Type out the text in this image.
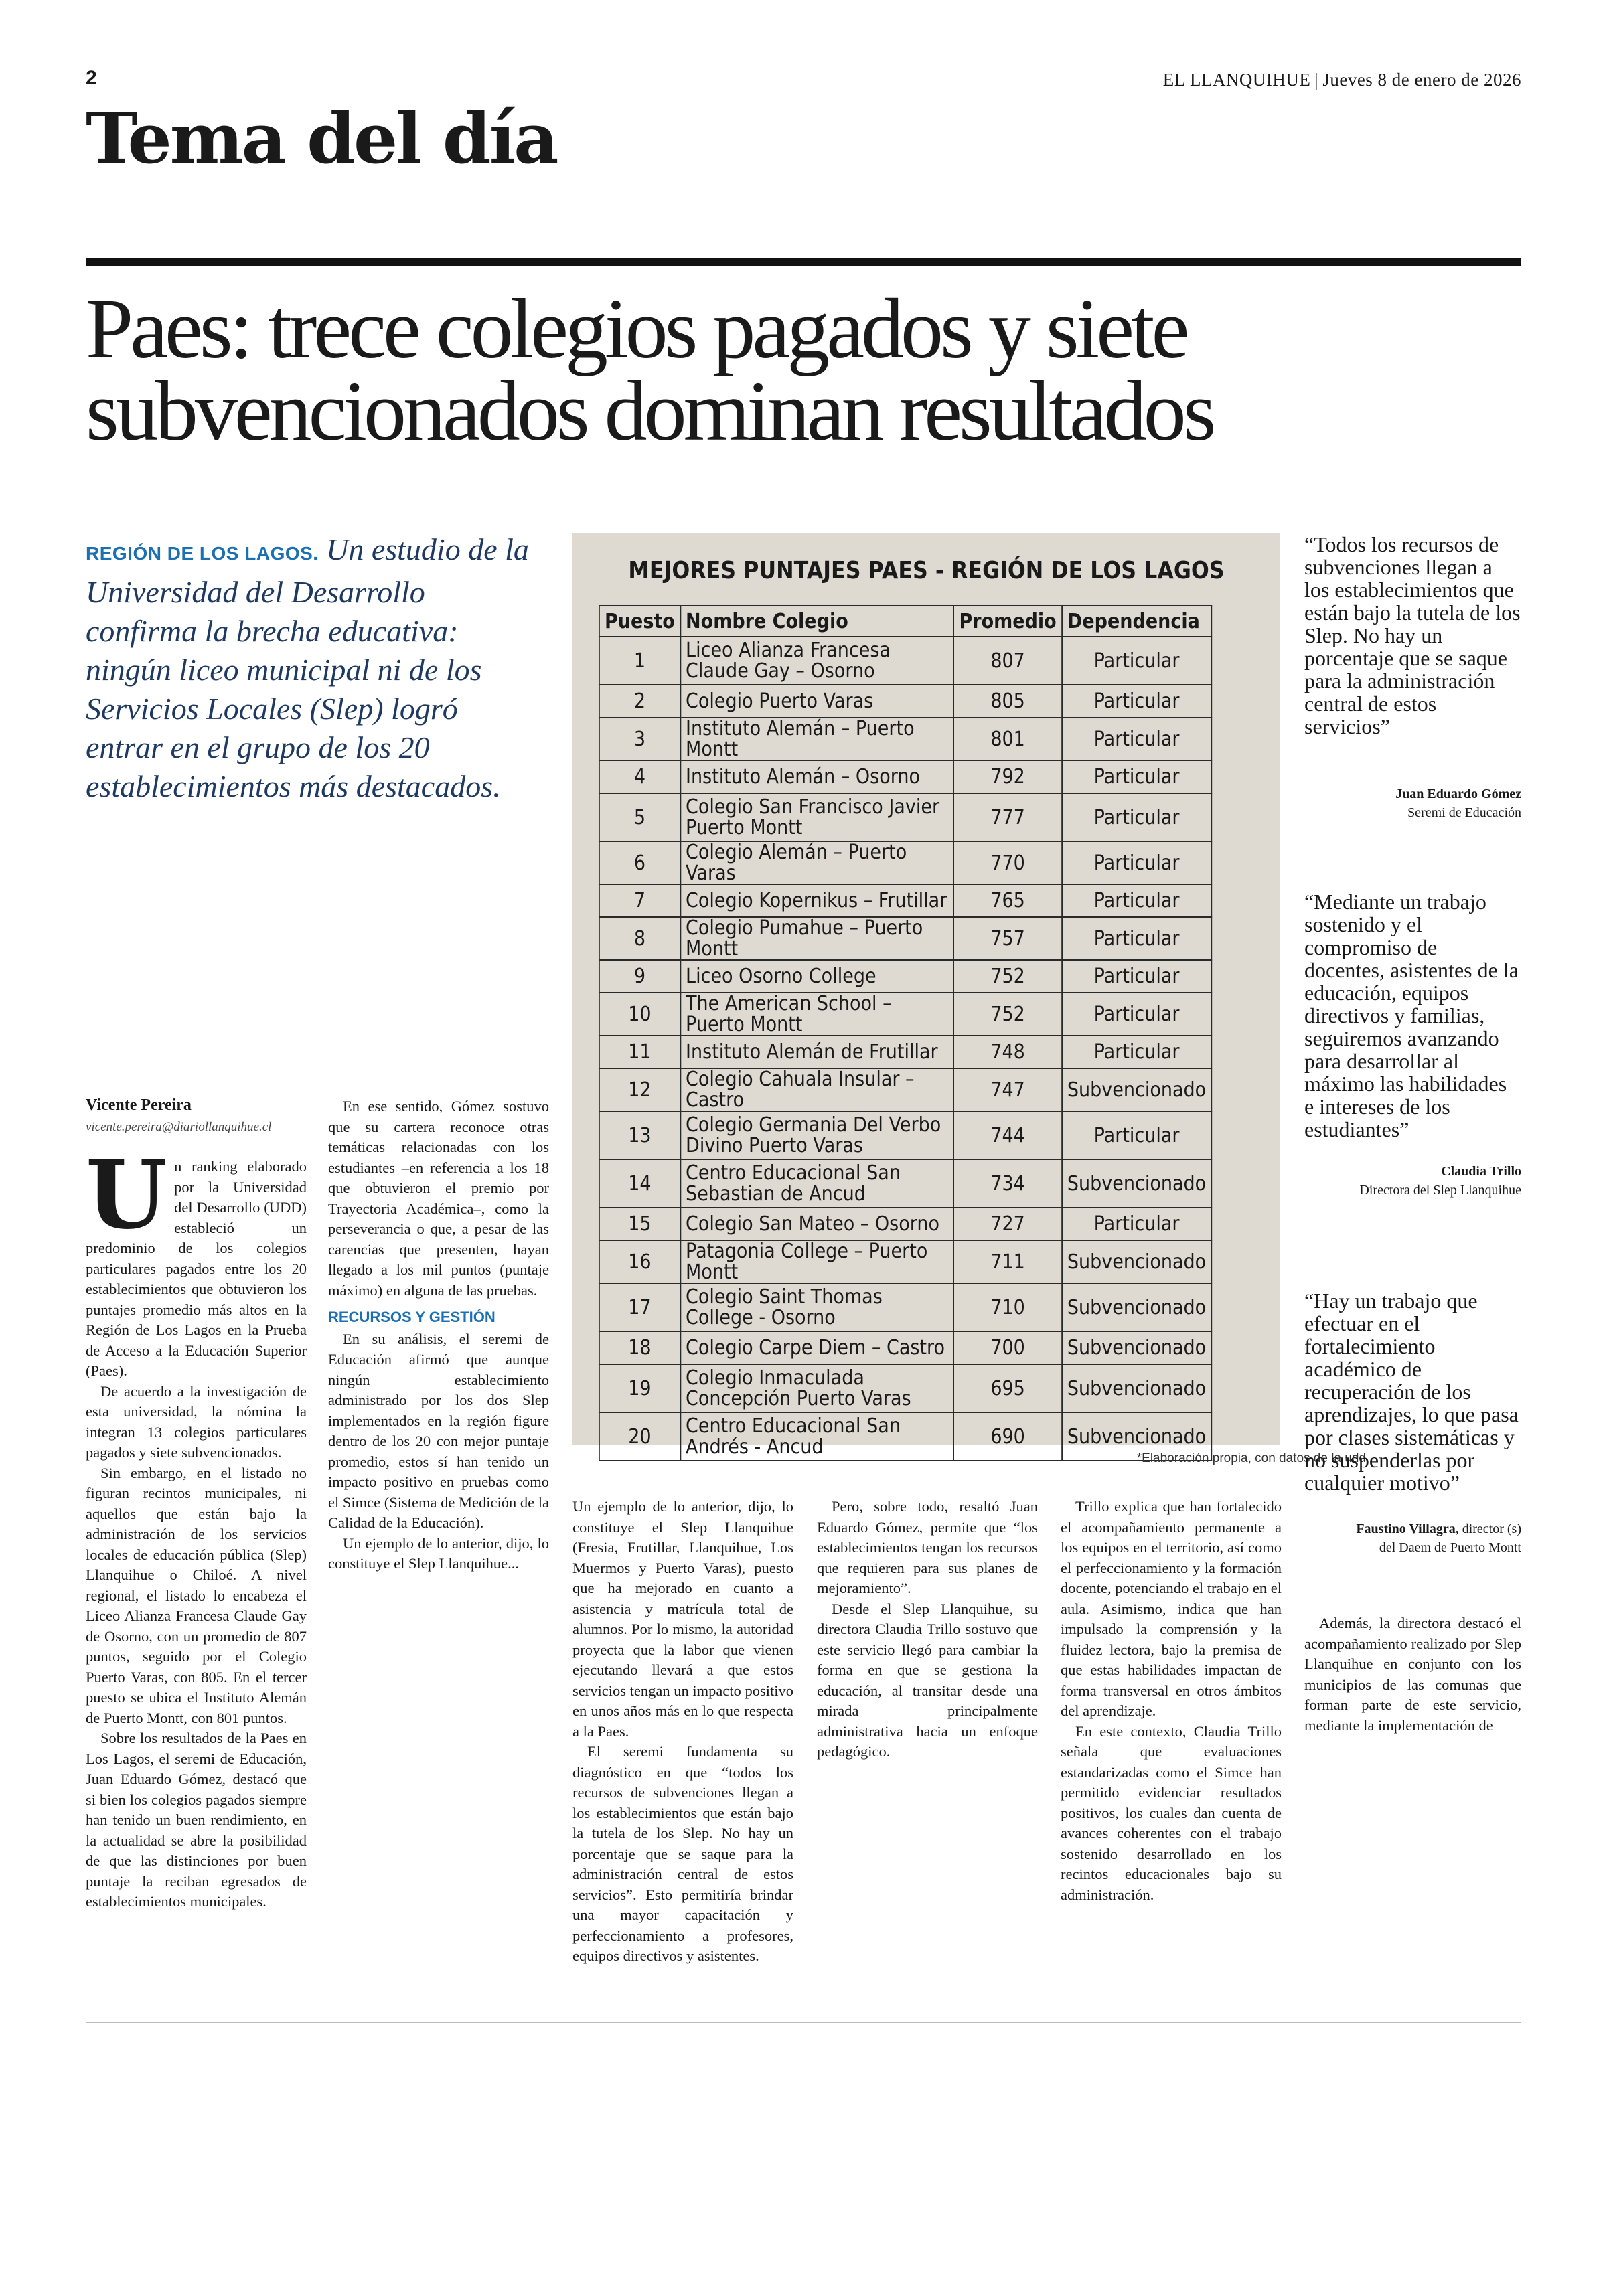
2	EL LLANQUIHUE | Jueves 8 de enero de 2026
Tema del día
Paes: trece colegios pagados y siete
subvencionados dominan resultados
REGIÓN DE LOS LAGOS. Un estudio de la Universidad del Desarrollo confirma la brecha educativa: ningún liceo municipal ni de los Servicios Locales (Slep) logró entrar en el grupo de los 20 establecimientos más destacados.
Vicente Pereira
vicente.pereira@diariollanquihue.cl

Un ranking elaborado por la Universidad del Desarrollo (UDD) estableció un predominio de los colegios particulares pagados entre los 20 establecimientos que obtuvieron los puntajes promedio más altos en la Región de Los Lagos en la Prueba de Acceso a la Educación Superior (Paes).

De acuerdo a la investigación de esta universidad, la nómina la integran 13 colegios particulares pagados y siete subvencionados.

Sin embargo, en el listado no figuran recintos municipales, ni aquellos que están bajo la administración de los servicios locales de educación pública (Slep) Llanquihue o Chiloé. A nivel regional, el listado lo encabeza el Liceo Alianza Francesa Claude Gay de Osorno, con un promedio de 807 puntos, seguido por el Colegio Puerto Varas, con 805. En el tercer puesto se ubica el Instituto Alemán de Puerto Montt, con 801 puntos.

Sobre los resultados de la Paes en Los Lagos, el seremi de Educación, Juan Eduardo Gómez, destacó que si bien los colegios pagados siempre han tenido un buen rendimiento, en la actualidad se abre la posibilidad de que las distinciones por buen puntaje la reciban egresados de establecimientos municipales.

En ese sentido, Gómez sostuvo que su cartera reconoce otras temáticas relacionadas con los estudiantes –en referencia a los 18 que obtuvieron el premio por Trayectoria Académica–, como la perseverancia o que, a pesar de las carencias que presenten, hayan llegado a los mil puntos (puntaje máximo) en alguna de las pruebas.

RECURSOS Y GESTIÓN

En su análisis, el seremi de Educación afirmó que aunque ningún establecimiento administrado por los dos Slep implementados en la región figure dentro de los 20 con mejor puntaje promedio, estos sí han tenido un impacto positivo en pruebas como el Simce (Sistema de Medición de la Calidad de la Educación).

Un ejemplo de lo anterior, dijo, lo constituye el Slep Llanquihue...

Un ejemplo de lo anterior, dijo, lo constituye el Slep Llanquihue (Fresia, Frutillar, Llanquihue, Los Muermos y Puerto Varas), puesto que ha mejorado en cuanto a asistencia y matrícula total de alumnos. Por lo mismo, la autoridad proyecta que la labor que vienen ejecutando llevará a que estos servicios tengan un impacto positivo en unos años más en lo que respecta a la Paes.

El seremi fundamenta su diagnóstico en que “todos los recursos de subvenciones llegan a los establecimientos que están bajo la tutela de los Slep. No hay un porcentaje que se saque para la administración central de estos servicios”. Esto permitiría brindar una mayor capacitación y perfeccionamiento a profesores, equipos directivos y asistentes.

Pero, sobre todo, resaltó Juan Eduardo Gómez, permite que “los establecimientos tengan los recursos que requieren para sus planes de mejoramiento”.

Desde el Slep Llanquihue, su directora Claudia Trillo sostuvo que este servicio llegó para cambiar la forma en que se gestiona la educación, al transitar desde una mirada principalmente administrativa hacia un enfoque pedagógico.

Trillo explica que han fortalecido el acompañamiento permanente a los equipos en el territorio, así como el perfeccionamiento y la formación docente, potenciando el trabajo en el aula. Asimismo, indica que han impulsado la comprensión y la fluidez lectora, bajo la premisa de que estas habilidades impactan de forma transversal en otros ámbitos del aprendizaje.

En este contexto, Claudia Trillo señala que evaluaciones estandarizadas como el Simce han permitido evidenciar resultados positivos, los cuales dan cuenta de avances coherentes con el trabajo sostenido desarrollado en los recintos educacionales bajo su administración.

Además, la directora destacó el acompañamiento realizado por Slep Llanquihue en conjunto con los municipios de las comunas que forman parte de este servicio, mediante la implementación de

MEJORES PUNTAJES PAES - REGIÓN DE LOS LAGOS
Puesto	Nombre Colegio	Promedio	Dependencia
1	Liceo Alianza Francesa Claude Gay – Osorno	807	Particular
2	Colegio Puerto Varas	805	Particular
3	Instituto Alemán – Puerto Montt	801	Particular
4	Instituto Alemán – Osorno	792	Particular
5	Colegio San Francisco Javier Puerto Montt	777	Particular
6	Colegio Alemán – Puerto Varas	770	Particular
7	Colegio Kopernikus – Frutillar	765	Particular
8	Colegio Pumahue – Puerto Montt	757	Particular
9	Liceo Osorno College	752	Particular
10	The American School – Puerto Montt	752	Particular
11	Instituto Alemán de Frutillar	748	Particular
12	Colegio Cahuala Insular – Castro	747	Subvencionado
13	Colegio Germania Del Verbo Divino Puerto Varas	744	Particular
14	Centro Educacional San Sebastian de Ancud	734	Subvencionado
15	Colegio San Mateo – Osorno	727	Particular
16	Patagonia College – Puerto Montt	711	Subvencionado
17	Colegio Saint Thomas College - Osorno	710	Subvencionado
18	Colegio Carpe Diem – Castro	700	Subvencionado
19	Colegio Inmaculada Concepción Puerto Varas	695	Subvencionado
20	Centro Educacional San Andrés - Ancud	690	Subvencionado
*Elaboración propia, con datos de la udd
“Todos los recursos de subvenciones llegan a los establecimientos que están bajo la tutela de los Slep. No hay un porcentaje que se saque para la administración central de estos servicios”
Juan Eduardo Gómez
Seremi de Educación
“Mediante un trabajo sostenido y el compromiso de docentes, asistentes de la educación, equipos directivos y familias, seguiremos avanzando para desarrollar al máximo las habilidades e intereses de los estudiantes”
Claudia Trillo
Directora del Slep Llanquihue
“Hay un trabajo que efectuar en el fortalecimiento académico de recuperación de los aprendizajes, lo que pasa por clases sistemáticas y no suspenderlas por cualquier motivo”
Faustino Villagra, director (s)
del Daem de Puerto Montt
